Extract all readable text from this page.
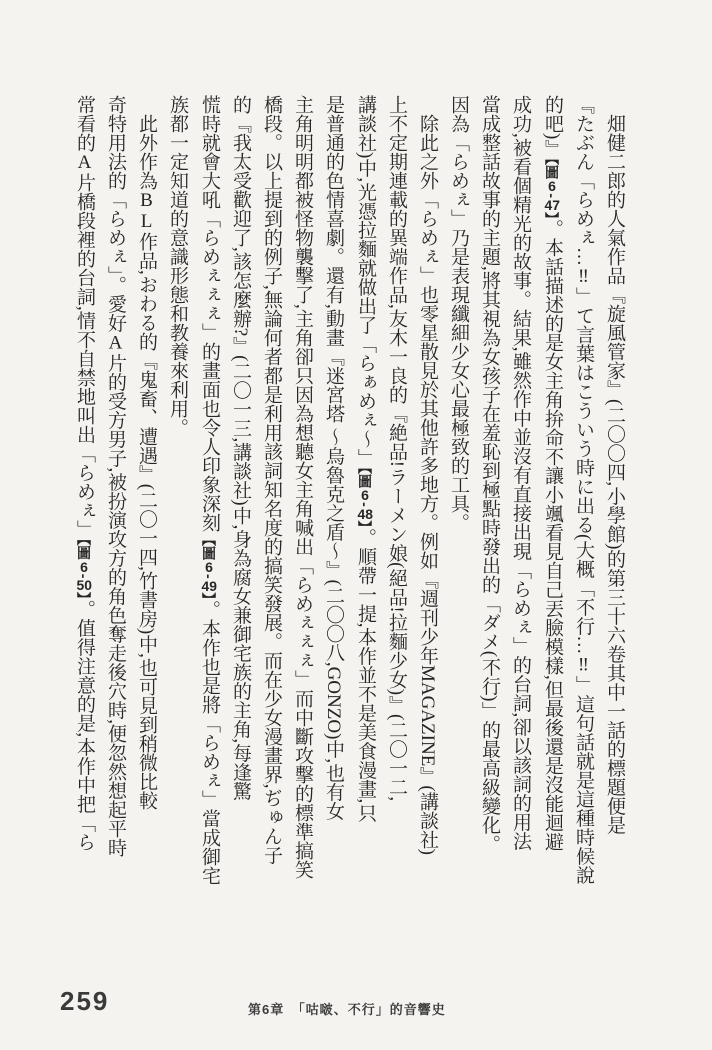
畑健二郎的人氣作品『旋風管家』(二〇〇四,小學館)的第三十六卷其中一話的標題便是
『たぶん「らめぇ…‼」て言葉はこういう時に出る(大概「不行…‼」這句話就是這種時候說
的吧)』【圖6-47】。本話描述的是女主角拚命不讓小颯看見自己丟臉模樣,但最後還是沒能迴避
成功,被看個精光的故事。結果,雖然作中並沒有直接出現「らめぇ」的台詞,卻以該詞的用法
當成整話故事的主題,將其視為女孩子在羞恥到極點時發出的「ダメ(不行)」的最高級變化。
因為「らめぇ」乃是表現纖細少女心最極致的工具。

除此之外「らめぇ」也零星散見於其他許多地方。例如『週刊少年MAGAZINE』(講談社)
上不定期連載的異端作品,友木一良的『絶品!ラーメン娘(絕品!拉麵少女)』(二〇一二,
講談社)中,光憑拉麵就做出了「らぁめぇ〜」【圖6-48】。順帶一提,本作並不是美食漫畫,只
是普通的色情喜劇。還有,動畫『迷宮塔 〜烏魯克之盾〜』(二〇〇八,GONZO)中,也有女
主角明明都被怪物襲擊了,主角卻只因為想聽女主角喊出「らめぇぇぇ」而中斷攻擊的標準搞笑
橋段。以上提到的例子,無論何者都是利用該詞知名度的搞笑發展。而在少女漫畫界,ぢゅん子
的『我太受歡迎了,該怎麼辦?』(二〇一三,講談社)中,身為腐女兼御宅族的主角,每逢驚
慌時就會大吼「らめぇぇぇ」的畫面也令人印象深刻【圖6-49】。本作也是將「らめぇ」當成御宅
族都一定知道的意識形態和教養來利用。

此外作為BL作品,おわる的『鬼畜、遭遇』(二〇一四,竹書房)中,也可見到稍微比較
奇特用法的「らめぇ」。愛好A片的受方男子,被扮演攻方的角色奪走後穴時,便忽然想起平時
常看的A片橋段裡的台詞,情不自禁地叫出「らめぇ」【圖6-50】。值得注意的是,本作中把「ら

259	第6章　「咕啵、不行」的音響史
